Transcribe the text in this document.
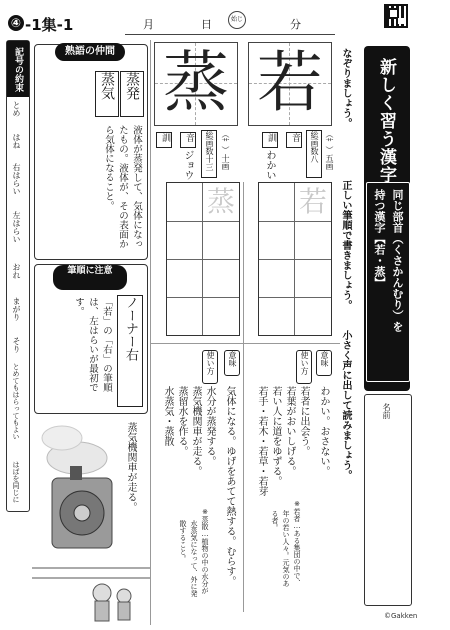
④ -1集-1	月	日	始じ	分
記号の約束
とめ
はね
右はらい
左はらい
おれ
まがり
そり
とめてもはらってもよい
はばを同じに
熟語の仲間
蒸気 蒸発
液体が蒸発して、気体になったもの。液体が、その表面から気体になること。
筆順に注意
ノーナー右
「若」の「右」の筆順は、左はらいが最初です。
蒸気機関車が走る。
蒸 若
訓	音
ジョウ	総画数十三 （艹）十画	訓
わかい
音	総画数八 （艹）五画
蒸 若
なぞりましょう。
正しい筆順で書きましょう。
小さく声に出して読みましょう。
意味
使い方
気体になる。ゆげをあてて熱する。むらす。
水分が蒸発する。
蒸気機関車が走る。
蒸留水を作る。
水蒸気・蒸散
※蒸散…植物の中の水分が
水蒸気になって、外に発
散すること。
意味
使い方
わかい。おさない。
若者に出会う。
若葉がおいしげる。
若い人に道をゆずる。
若手・若木・若草・若芽
※若者…ある集団の中で、
年の若い人々。元気のあ
る者。
新しく習う漢字
同じ部首（くさかんむり）を
持つ漢字【若・蒸】
名前
©Gakken
